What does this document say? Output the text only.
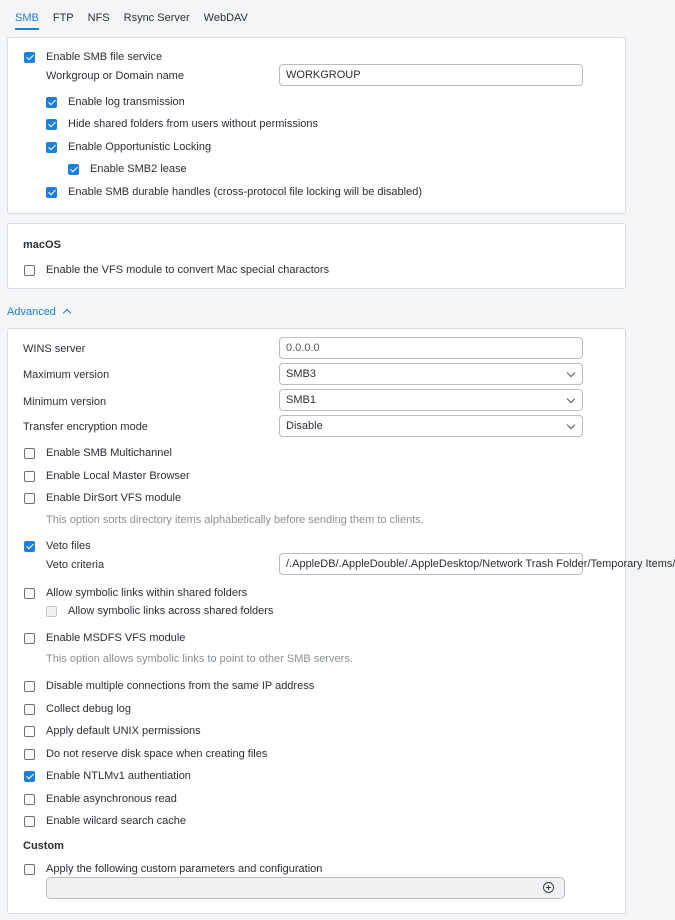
SMB FTP NFS Rsync Server WebDAV
Enable SMB file service
Workgroup or Domain name	WORKGROUP
Enable log transmission
Hide shared folders from users without permissions
Enable Opportunistic Locking
Enable SMB2 lease
Enable SMB durable handles (cross-protocol file locking will be disabled)
macOS
Enable the VFS module to convert Mac special charactors
Advanced
WINS server	0.0.0.0
Maximum version	SMB3
Minimum version	SMB1
Transfer encryption mode	Disable
Enable SMB Multichannel
Enable Local Master Browser
Enable DirSort VFS module
This option sorts directory items alphabetically before sending them to clients.
Veto files
Veto criteria	/.AppleDB/.AppleDouble/.AppleDesktop/Network Trash Folder/Temporary Items/
Allow symbolic links within shared folders
Allow symbolic links across shared folders
Enable MSDFS VFS module
This option allows symbolic links to point to other SMB servers.
Disable multiple connections from the same IP address
Collect debug log
Apply default UNIX permissions
Do not reserve disk space when creating files
Enable NTLMv1 authentiation
Enable asynchronous read
Enable wilcard search cache
Custom
Apply the following custom parameters and configuration
